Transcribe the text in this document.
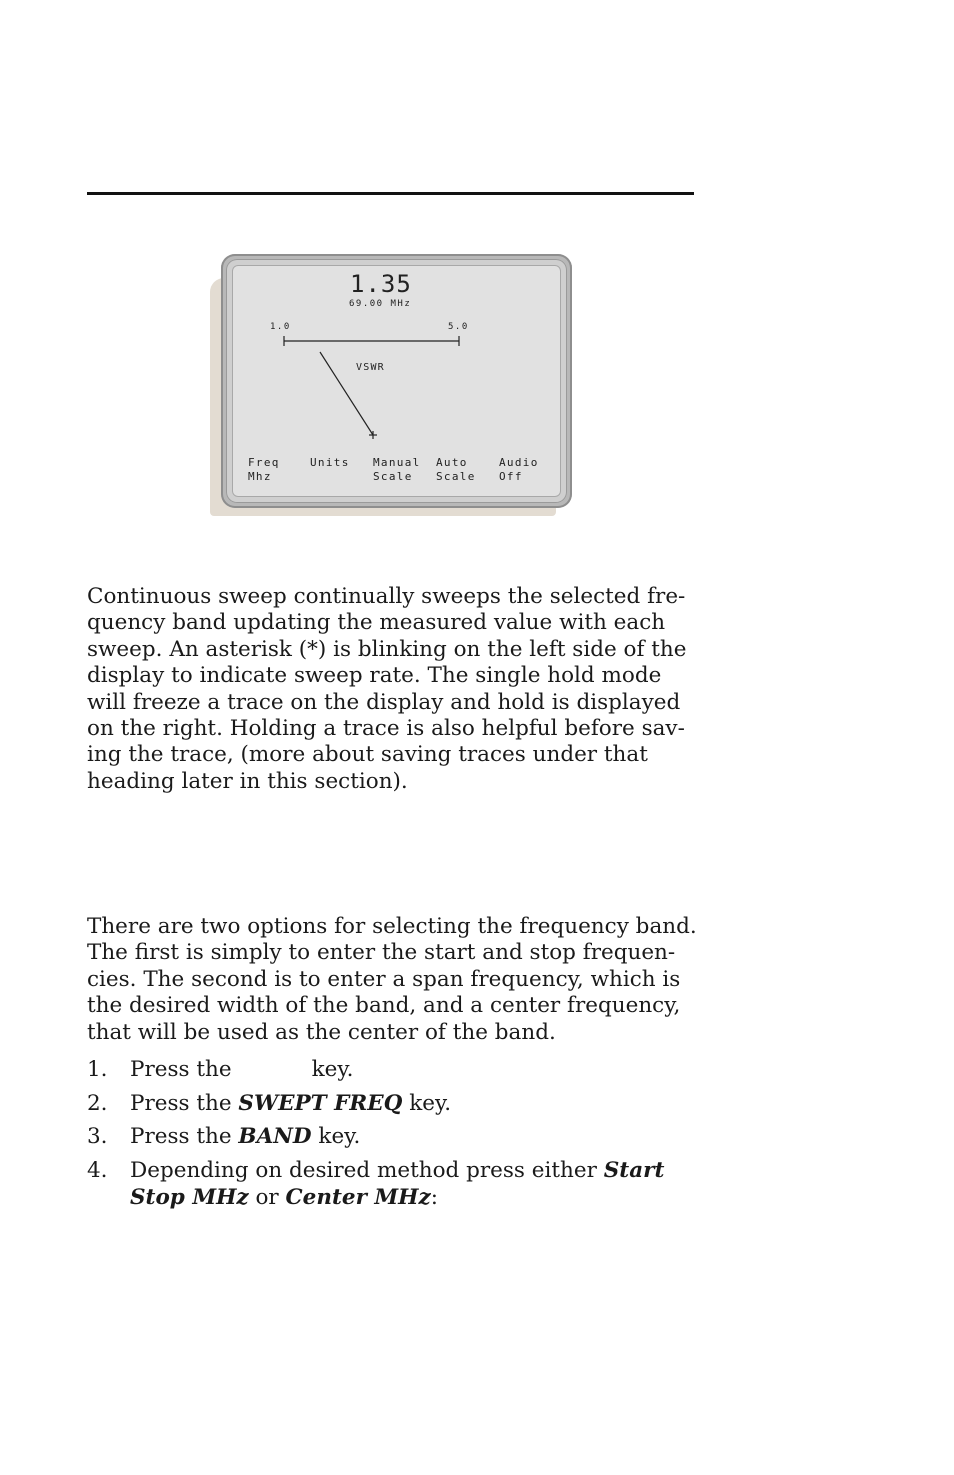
1.35
69.00 MHz
1.0	5.0
VSWR
Freq
Mhz
Units Manual
Scale
Auto
Scale
Audio
Off
Continuous sweep continually sweeps the selected fre-
quency band updating the measured value with each
sweep. An asterisk (*) is blinking on the left side of the
display to indicate sweep rate. The single hold mode
will freeze a trace on the display and hold is displayed
on the right. Holding a trace is also helpful before sav-
ing the trace, (more about saving traces under that
heading later in this section).
There are two options for selecting the frequency band.
The first is simply to enter the start and stop frequen-
cies. The second is to enter a span frequency, which is
the desired width of the band, and a center frequency,
that will be used as the center of the band.
1.	Press the	key.
2.	Press the SWEPT FREQ key.
3.	Press the BAND key.
4.	Depending on desired method press either Start
Stop MHz or Center MHz:
